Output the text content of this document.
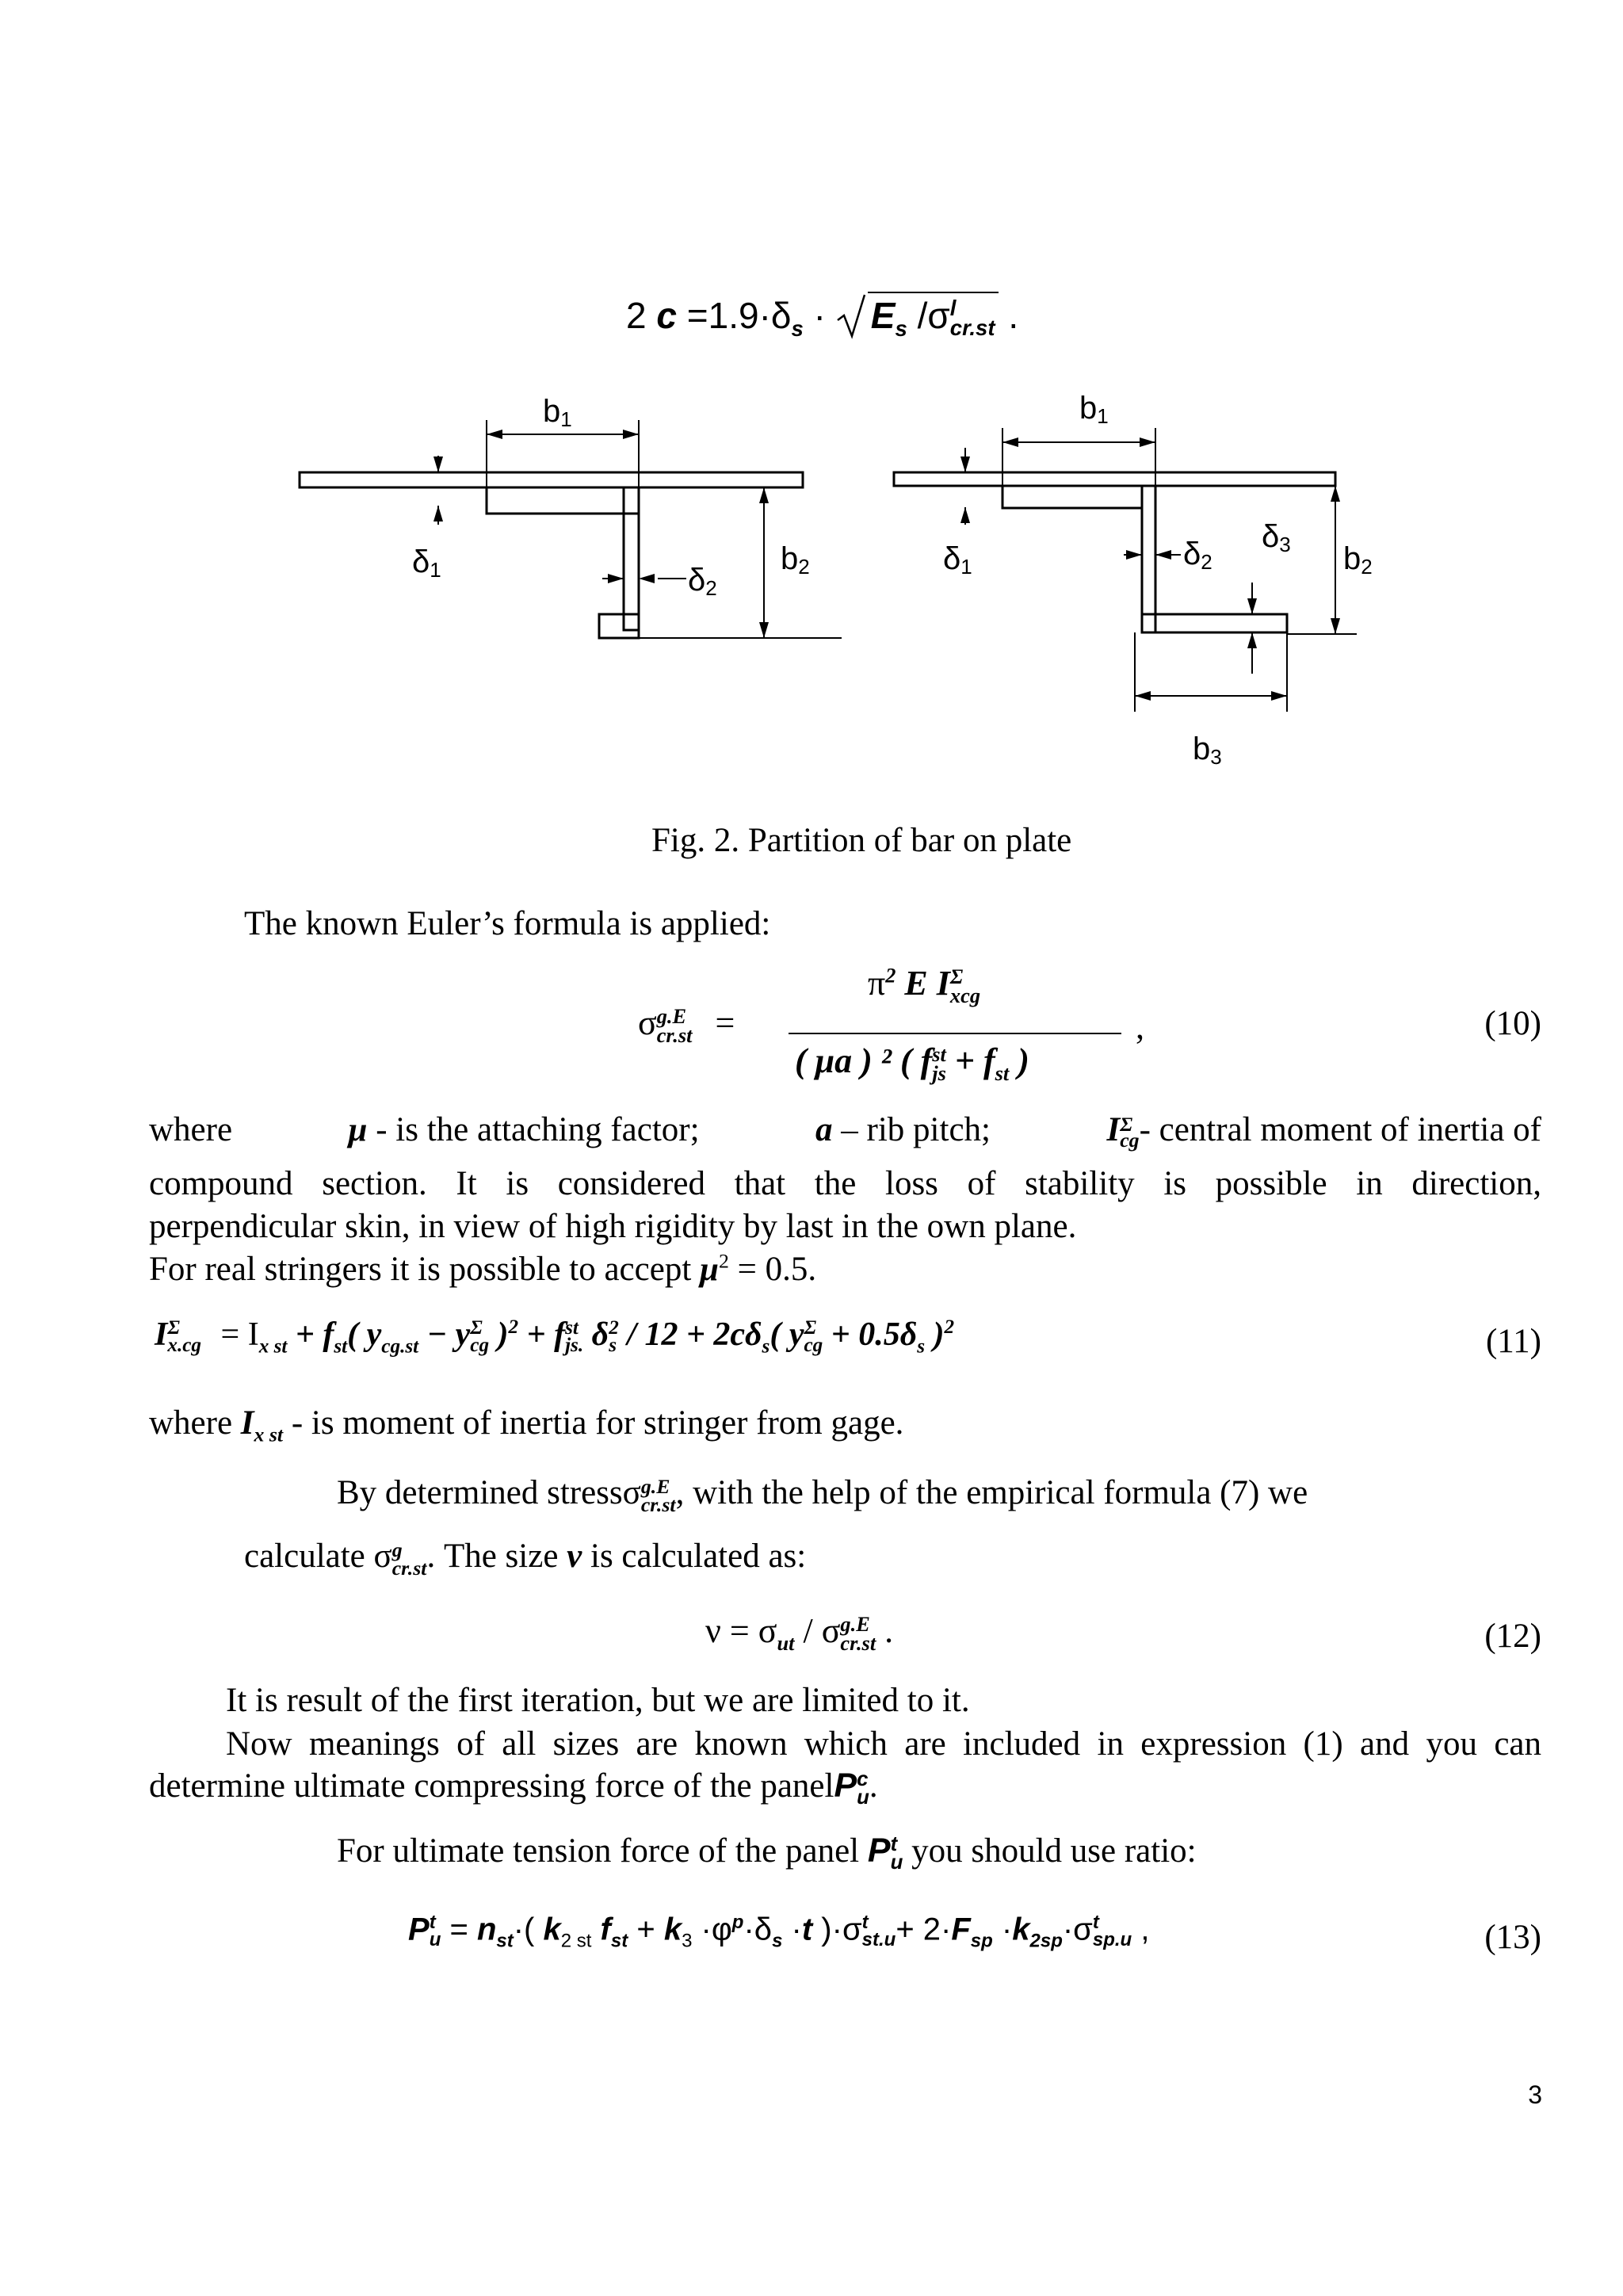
2 $c =1.9\cdot\delta_s \cdot E_s$ /σ l
cr.st .
b1
b2
δ1	δ2
b1
b2
b3
δ1	δ2
δ3
Fig. 2. Partition of bar on plate
The known Euler’s formula is applied:
σ g.E
cr.st =
$\pi^2$ E I Σ
xcg
( μa ) ² ( f st
js + $f_{st}$ )
,	(10)
where	μ - is the attaching factor;	a – rib pitch;	I Σ
cg - central moment of inertia of
compound section. It is considered that the loss of stability is possible in direction,
perpendicular skin, in view of high rigidity by last in the own plane.
For real stringers it is possible to accept $\mu^2 = 0.5$.
I Σ
$x.cg = I_{x st} + f_{st}$( $y_{cg.st} - y$ Σ
cg )$^2$ + f st
js. δ 2
$s / 12 + 2c\delta_s$( y Σ
cg + $0.5\delta_s$ )$^2$	(11)
where $I_{x st}$ - is moment of inertia for stringer from gage.
By determined stressσ g.E
cr.st , with the help of the empirical formula (7) we
calculate σ g
cr.st . The size ν is calculated as:
$\nu = \sigma_{ut} / \sigma$ g.E
cr.st .	(12)
It is result of the first iteration, but we are limited to it.
Now meanings of all sizes are known which are included in expression (1) and you can
determine ultimate compressing force of the panelP c
u .
For ultimate tension force of the panel P t
u you should use ratio:
P t
$u = n_{st}\cdot$( $k_{2 st}$ $f_{st} + k_3 \cdot\varphi^p\cdot\delta_s \cdot t$ )·σ t
$st.u + 2\cdot F_{sp} \cdot k_{2sp}\cdot\sigma$ t
sp.u ,	(13)
3
